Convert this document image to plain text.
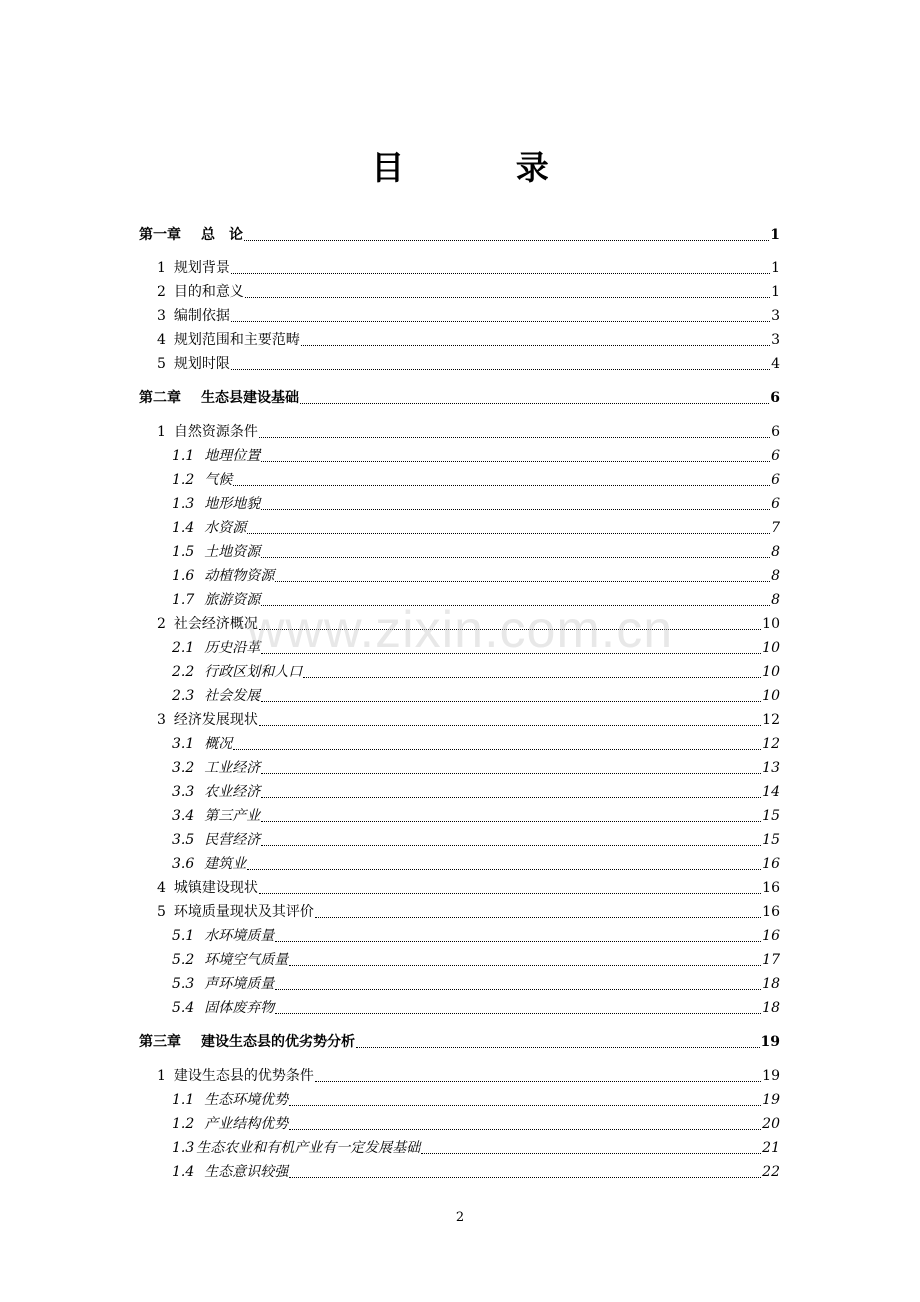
目 录
第一章 总　论	1
1 规划背景	1
2 目的和意义	1
3 编制依据	3
4 规划范围和主要范畴	3
5 规划时限	4
第二章 生态县建设基础	6
1 自然资源条件	6
1.1 地理位置	6
1.2 气候	6
1.3 地形地貌	6
1.4 水资源	7
1.5 土地资源	8
1.6 动植物资源	8
1.7 旅游资源	8
2 社会经济概况	10
2.1 历史沿革	10
2.2 行政区划和人口	10
2.3 社会发展	10
3 经济发展现状	12
3.1 概况	12
3.2 工业经济	13
3.3 农业经济	14
3.4 第三产业	15
3.5 民营经济	15
3.6 建筑业	16
4 城镇建设现状	16
5 环境质量现状及其评价	16
5.1 水环境质量	16
5.2 环境空气质量	17
5.3 声环境质量	18
5.4 固体废弃物	18
第三章 建设生态县的优劣势分析	19
1 建设生态县的优势条件	19
1.1 生态环境优势	19
1.2 产业结构优势	20
1.3 生态农业和有机产业有一定发展基础	21
1.4 生态意识较强	22
www.zixin.com.cn
2
